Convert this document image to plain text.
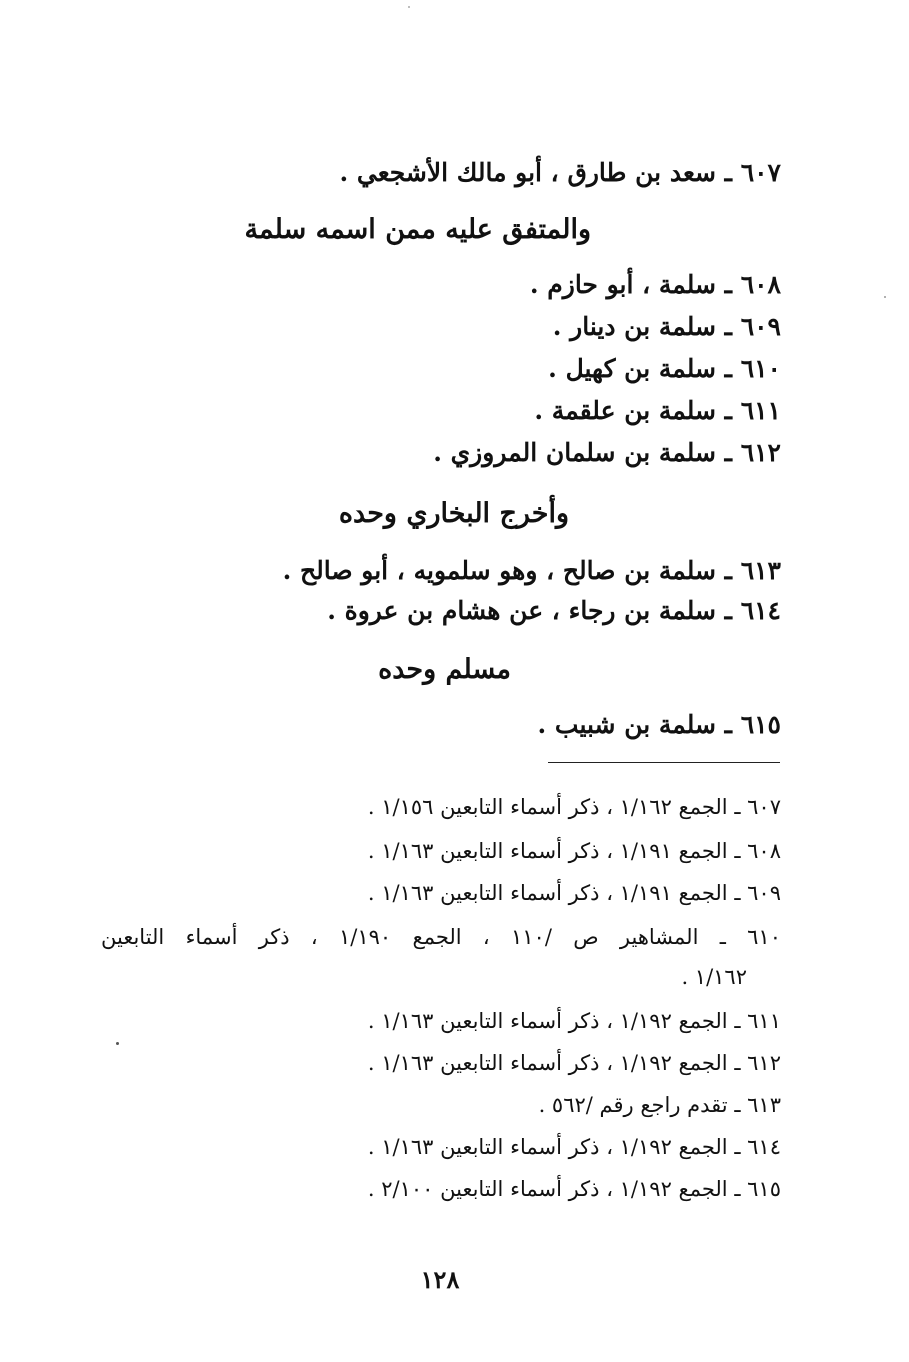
٦٠٧ ـ سعد بن طارق ، أبو مالك الأشجعي .
والمتفق عليه ممن اسمه سلمة
٦٠٨ ـ سلمة ، أبو حازم .
٦٠٩ ـ سلمة بن دينار .
٦١٠ ـ سلمة بن كهيل .
٦١١ ـ سلمة بن علقمة .
٦١٢ ـ سلمة بن سلمان المروزي .
وأخرج البخاري وحده
٦١٣ ـ سلمة بن صالح ، وهو سلمويه ، أبو صالح .
٦١٤ ـ سلمة بن رجاء ، عن هشام بن عروة .
مسلم وحده
٦١٥ ـ سلمة بن شبيب .
٦٠٧ ـ الجمع ١/١٦٢ ، ذكر أسماء التابعين ١/١٥٦ .
٦٠٨ ـ الجمع ١/١٩١ ، ذكر أسماء التابعين ١/١٦٣ .
٦٠٩ ـ الجمع ١/١٩١ ، ذكر أسماء التابعين ١/١٦٣ .
٦١٠ ـ المشاهير ص /١١٠ ، الجمع ١/١٩٠ ، ذكر أسماء التابعين
١/١٦٢ .
٦١١ ـ الجمع ١/١٩٢ ، ذكر أسماء التابعين ١/١٦٣ .
٦١٢ ـ الجمع ١/١٩٢ ، ذكر أسماء التابعين ١/١٦٣ .
٦١٣ ـ تقدم راجع رقم /٥٦٢ .
٦١٤ ـ الجمع ١/١٩٢ ، ذكر أسماء التابعين ١/١٦٣ .
٦١٥ ـ الجمع ١/١٩٢ ، ذكر أسماء التابعين ٢/١٠٠ .
١٢٨
